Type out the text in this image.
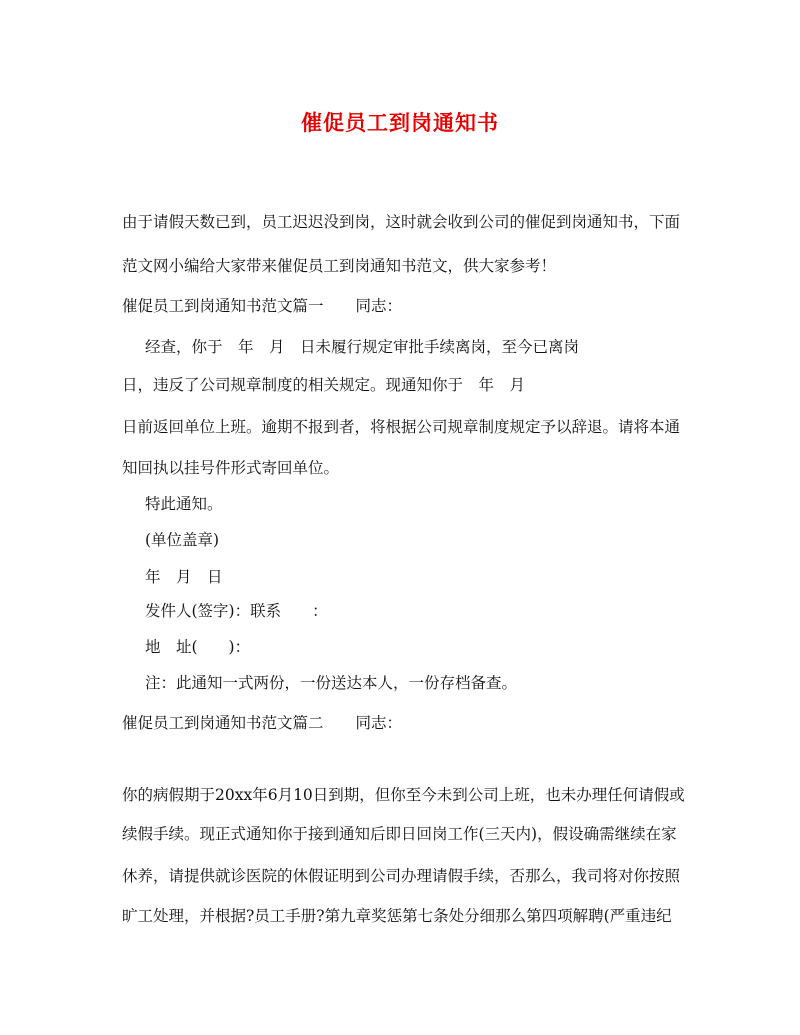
催促员工到岗通知书
由于请假天数已到，员工迟迟没到岗，这时就会收到公司的催促到岗通知书，下面
范文网小编给大家带来催促员工到岗通知书范文，供大家参考！
催促员工到岗通知书范文篇一 同志：
经查，你于　年　月　日未履行规定审批手续离岗，至今已离岗
日，违反了公司规章制度的相关规定。现通知你于　年　月
日前返回单位上班。逾期不报到者，将根据公司规章制度规定予以辞退。请将本通
知回执以挂号件形式寄回单位。
特此通知。
(单位盖章)
年　月　日
发件人(签字)：联系　　：
地　址(　　)：
注：此通知一式两份，一份送达本人，一份存档备查。
催促员工到岗通知书范文篇二 同志：
你的病假期于20xx年6月10日到期，但你至今未到公司上班，也未办理任何请假或
续假手续。现正式通知你于接到通知后即日回岗工作(三天内)，假设确需继续在家
休养，请提供就诊医院的休假证明到公司办理请假手续，否那么，我司将对你按照
旷工处理，并根据?员工手册?第九章奖惩第七条处分细那么第四项解聘(严重违纪
